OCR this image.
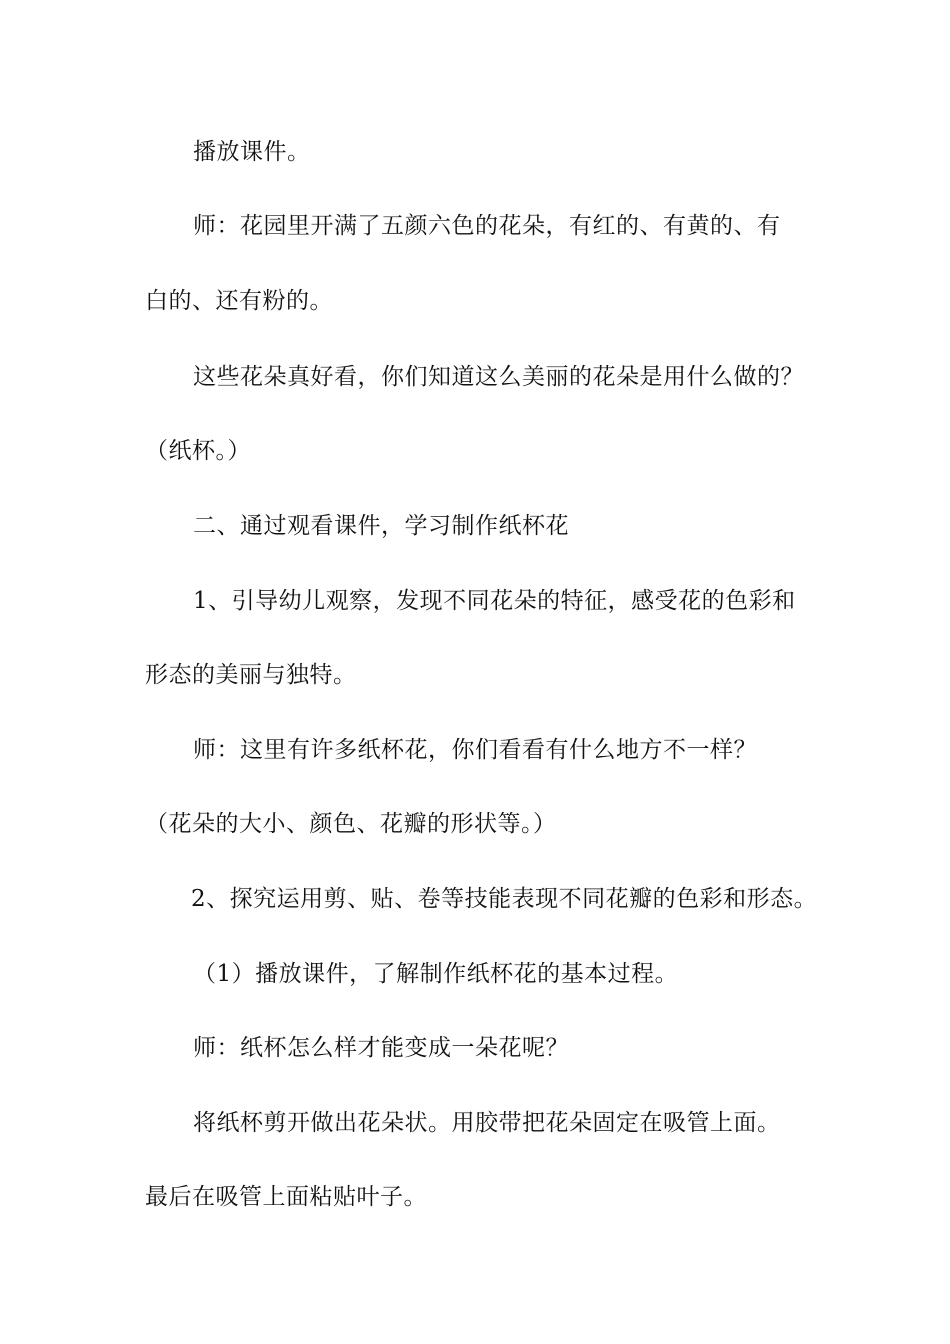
播放课件。
师：花园里开满了五颜六色的花朵，有红的、有黄的、有
白的、还有粉的。
这些花朵真好看，你们知道这么美丽的花朵是用什么做的？
（纸杯。）
二、通过观看课件，学习制作纸杯花
1、引导幼儿观察，发现不同花朵的特征，感受花的色彩和
形态的美丽与独特。
师：这里有许多纸杯花，你们看看有什么地方不一样？
（花朵的大小、颜色、花瓣的形状等。）
2、探究运用剪、贴、卷等技能表现不同花瓣的色彩和形态。
（1）播放课件，了解制作纸杯花的基本过程。
师：纸杯怎么样才能变成一朵花呢？
将纸杯剪开做出花朵状。用胶带把花朵固定在吸管上面。
最后在吸管上面粘贴叶子。
